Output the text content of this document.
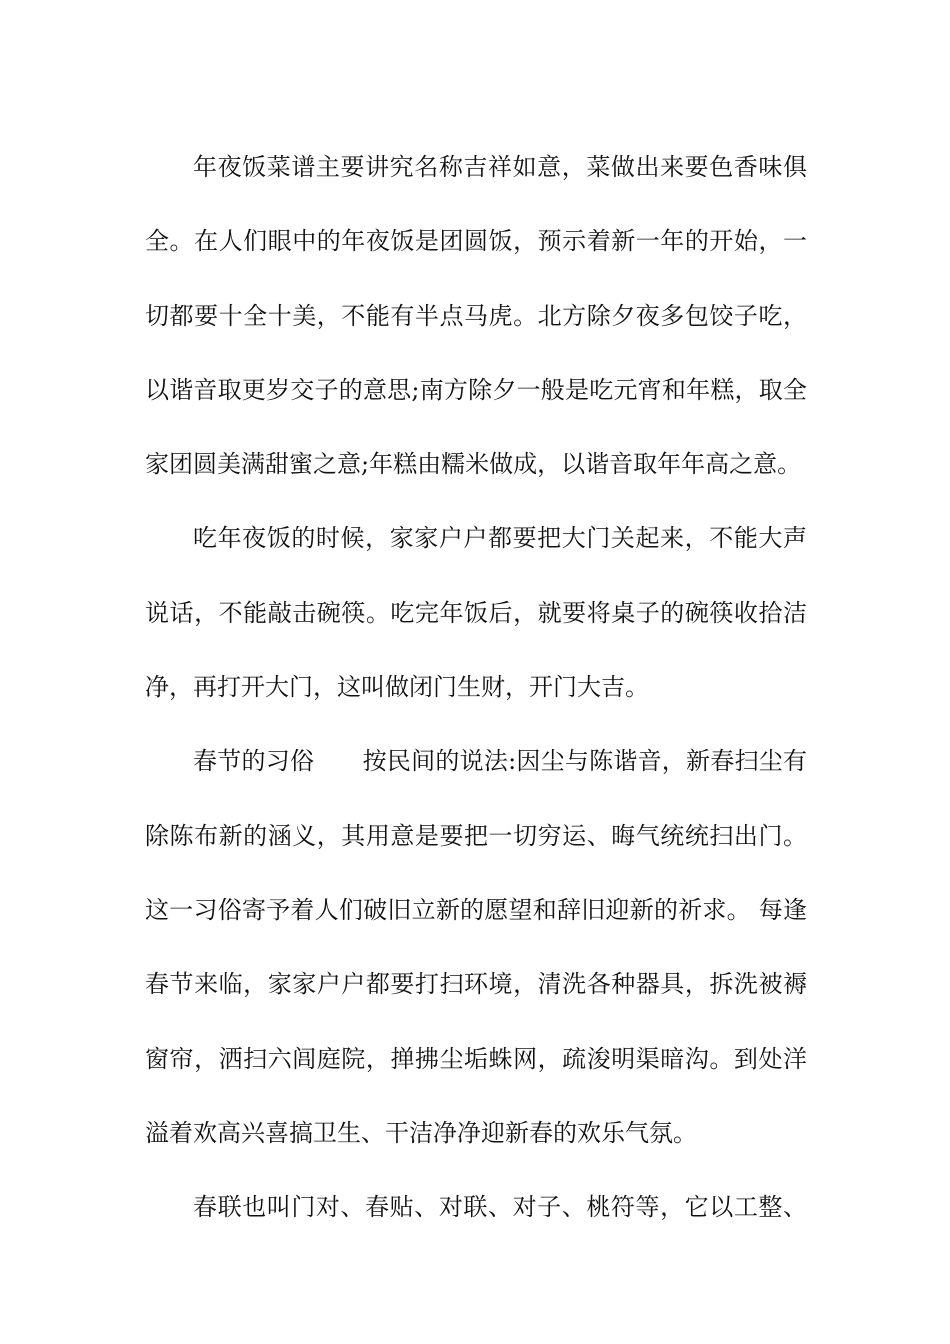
年夜饭菜谱主要讲究名称吉祥如意，菜做出来要色香味俱
全。在人们眼中的年夜饭是团圆饭，预示着新一年的开始，一
切都要十全十美，不能有半点马虎。北方除夕夜多包饺子吃，
以谐音取更岁交子的意思;南方除夕一般是吃元宵和年糕，取全
家团圆美满甜蜜之意;年糕由糯米做成，以谐音取年年高之意。
吃年夜饭的时候，家家户户都要把大门关起来，不能大声
说话，不能敲击碗筷。吃完年饭后，就要将桌子的碗筷收拾洁
净，再打开大门，这叫做闭门生财，开门大吉。
春节的习俗　　按民间的说法:因尘与陈谐音，新春扫尘有
除陈布新的涵义，其用意是要把一切穷运、晦气统统扫出门。
这一习俗寄予着人们破旧立新的愿望和辞旧迎新的祈求。 每逢
春节来临，家家户户都要打扫环境，清洗各种器具，拆洗被褥
窗帘，洒扫六闾庭院，掸拂尘垢蛛网，疏浚明渠暗沟。到处洋
溢着欢高兴喜搞卫生、干洁净净迎新春的欢乐气氛。
春联也叫门对、春贴、对联、对子、桃符等，它以工整、
